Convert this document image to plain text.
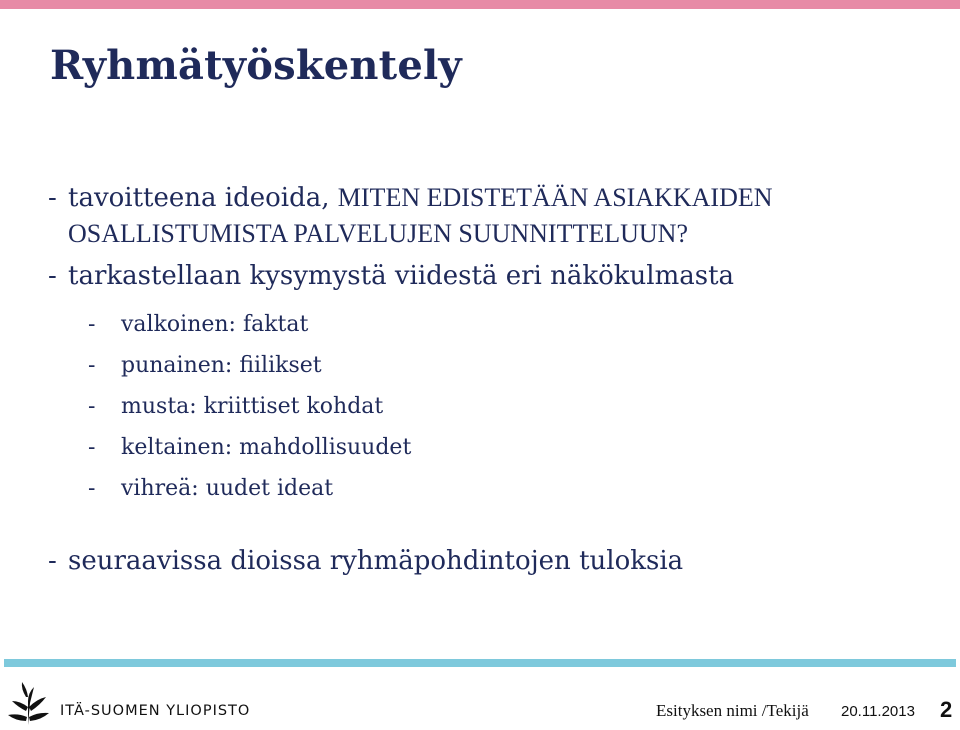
Ryhmätyöskentely
- tavoitteena ideoida, MITEN EDISTETÄÄN ASIAKKAIDEN
OSALLISTUMISTA PALVELUJEN SUUNNITTELUUN?
- tarkastellaan kysymystä viidestä eri näkökulmasta
- valkoinen: faktat
- punainen: fiilikset
- musta: kriittiset kohdat
- keltainen: mahdollisuudet
- vihreä: uudet ideat
- seuraavissa dioissa ryhmäpohdintojen tuloksia
ITÄ-SUOMEN YLIOPISTO	Esityksen nimi /Tekijä 20.11.2013 2
